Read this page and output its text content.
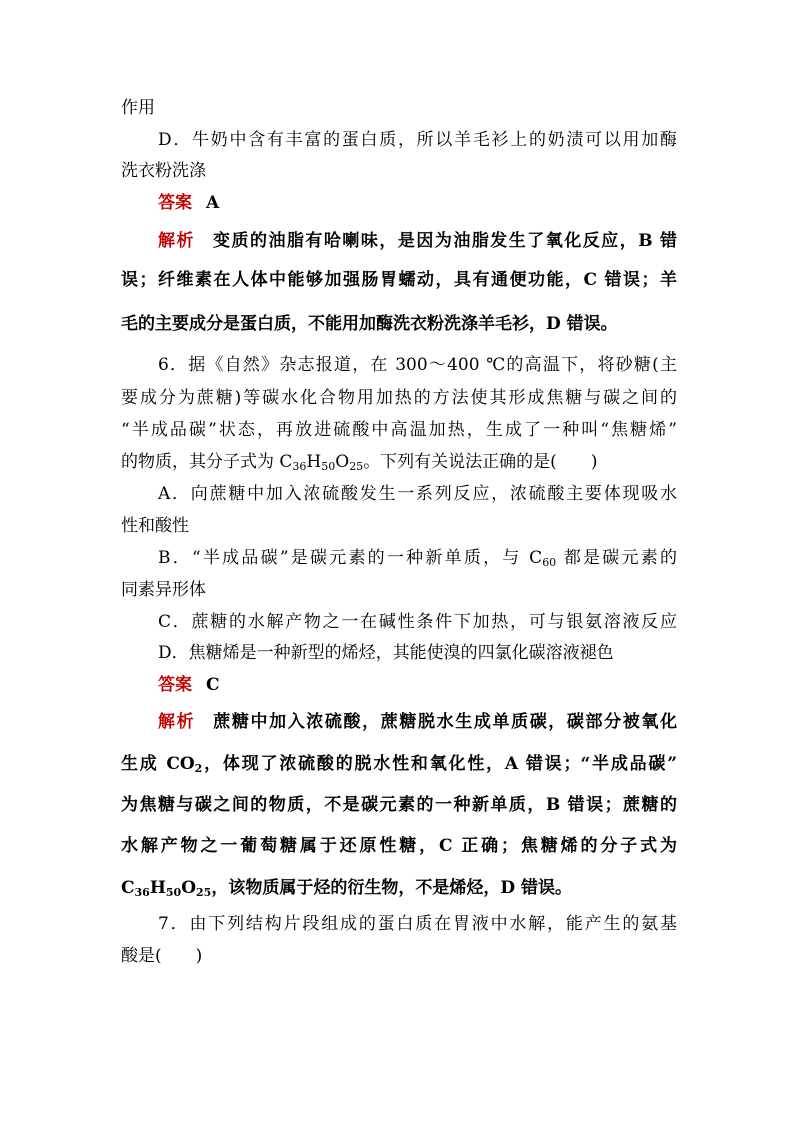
作用
D．牛奶中含有丰富的蛋白质，所以羊毛衫上的奶渍可以用加酶
洗衣粉洗涤
答案 A
解析 变质的油脂有哈喇味，是因为油脂发生了氧化反应，B 错
误；纤维素在人体中能够加强肠胃蠕动，具有通便功能，C 错误；羊
毛的主要成分是蛋白质，不能用加酶洗衣粉洗涤羊毛衫，D 错误。
6．据《自然》杂志报道，在 300～400 ℃的高温下，将砂糖(主
要成分为蔗糖)等碳水化合物用加热的方法使其形成焦糖与碳之间的
“半成品碳”状态，再放进硫酸中高温加热，生成了一种叫“焦糖烯”
的物质，其分子式为 $C_{36}H_{50}O_{25}$。下列有关说法正确的是( )
A．向蔗糖中加入浓硫酸发生一系列反应，浓硫酸主要体现吸水
性和酸性
B．“半成品碳”是碳元素的一种新单质，与 $C_{60}$ 都是碳元素的
同素异形体
C．蔗糖的水解产物之一在碱性条件下加热，可与银氨溶液反应
D．焦糖烯是一种新型的烯烃，其能使溴的四氯化碳溶液褪色
答案 C
解析 蔗糖中加入浓硫酸，蔗糖脱水生成单质碳，碳部分被氧化
生成 $CO_2$，体现了浓硫酸的脱水性和氧化性，A 错误；“半成品碳”
为焦糖与碳之间的物质，不是碳元素的一种新单质，B 错误；蔗糖的
水解产物之一葡萄糖属于还原性糖，C 正确；焦糖烯的分子式为
$C_{36}H_{50}O_{25}$，该物质属于烃的衍生物，不是烯烃，D 错误。
7．由下列结构片段组成的蛋白质在胃液中水解，能产生的氨基
酸是( )
